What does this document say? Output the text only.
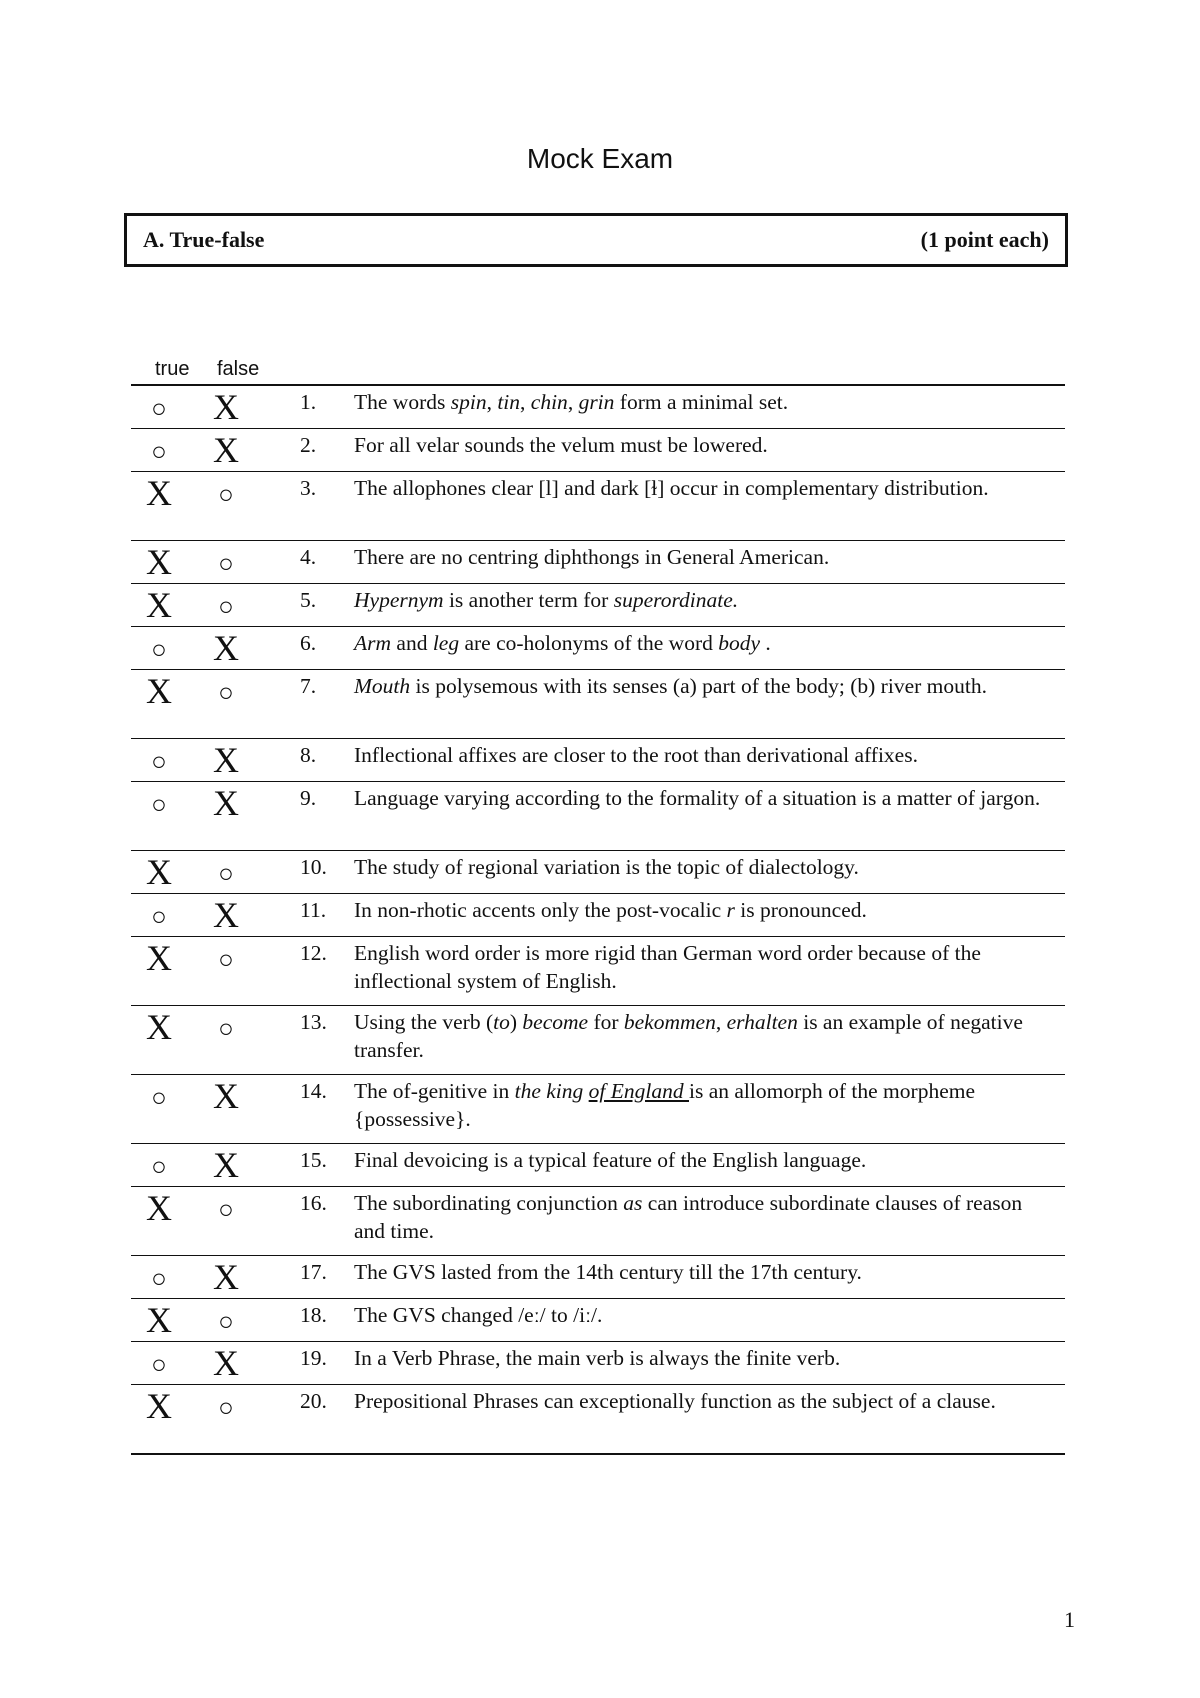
Mock Exam
A. True-false	(1 point each)
true false
○	X	1. The words spin, tin, chin, grin form a minimal set.
○	X	2. For all velar sounds the velum must be lowered.
X	○	3. The allophones clear [l] and dark [ɫ] occur in complementary distribution.
X	○	4. There are no centring diphthongs in General American.
X	○	5. Hypernym is another term for superordinate.
○	X	6. Arm and leg are co-holonyms of the word body .
X	○	7. Mouth is polysemous with its senses (a) part of the body; (b) river mouth.
○	X	8. Inflectional affixes are closer to the root than derivational affixes.
○	X	9. Language varying according to the formality of a situation is a matter of jargon.
X	○	10. The study of regional variation is the topic of dialectology.
○	X	11. In non-rhotic accents only the post-vocalic r is pronounced.
X	○	12. English word order is more rigid than German word order because of the inflectional system of English.
X	○	13. Using the verb (to) become for bekommen, erhalten is an example of negative transfer.
○	X	14. The of-genitive in the king of England is an allomorph of the morpheme {possessive}.
○	X	15. Final devoicing is a typical feature of the English language.
X	○	16. The subordinating conjunction as can introduce subordinate clauses of reason and time.
○	X	17. The GVS lasted from the 14th century till the 17th century.
X	○	18. The GVS changed /eː/ to /iː/.
○	X	19. In a Verb Phrase, the main verb is always the finite verb.
X	○	20. Prepositional Phrases can exceptionally function as the subject of a clause.
1
